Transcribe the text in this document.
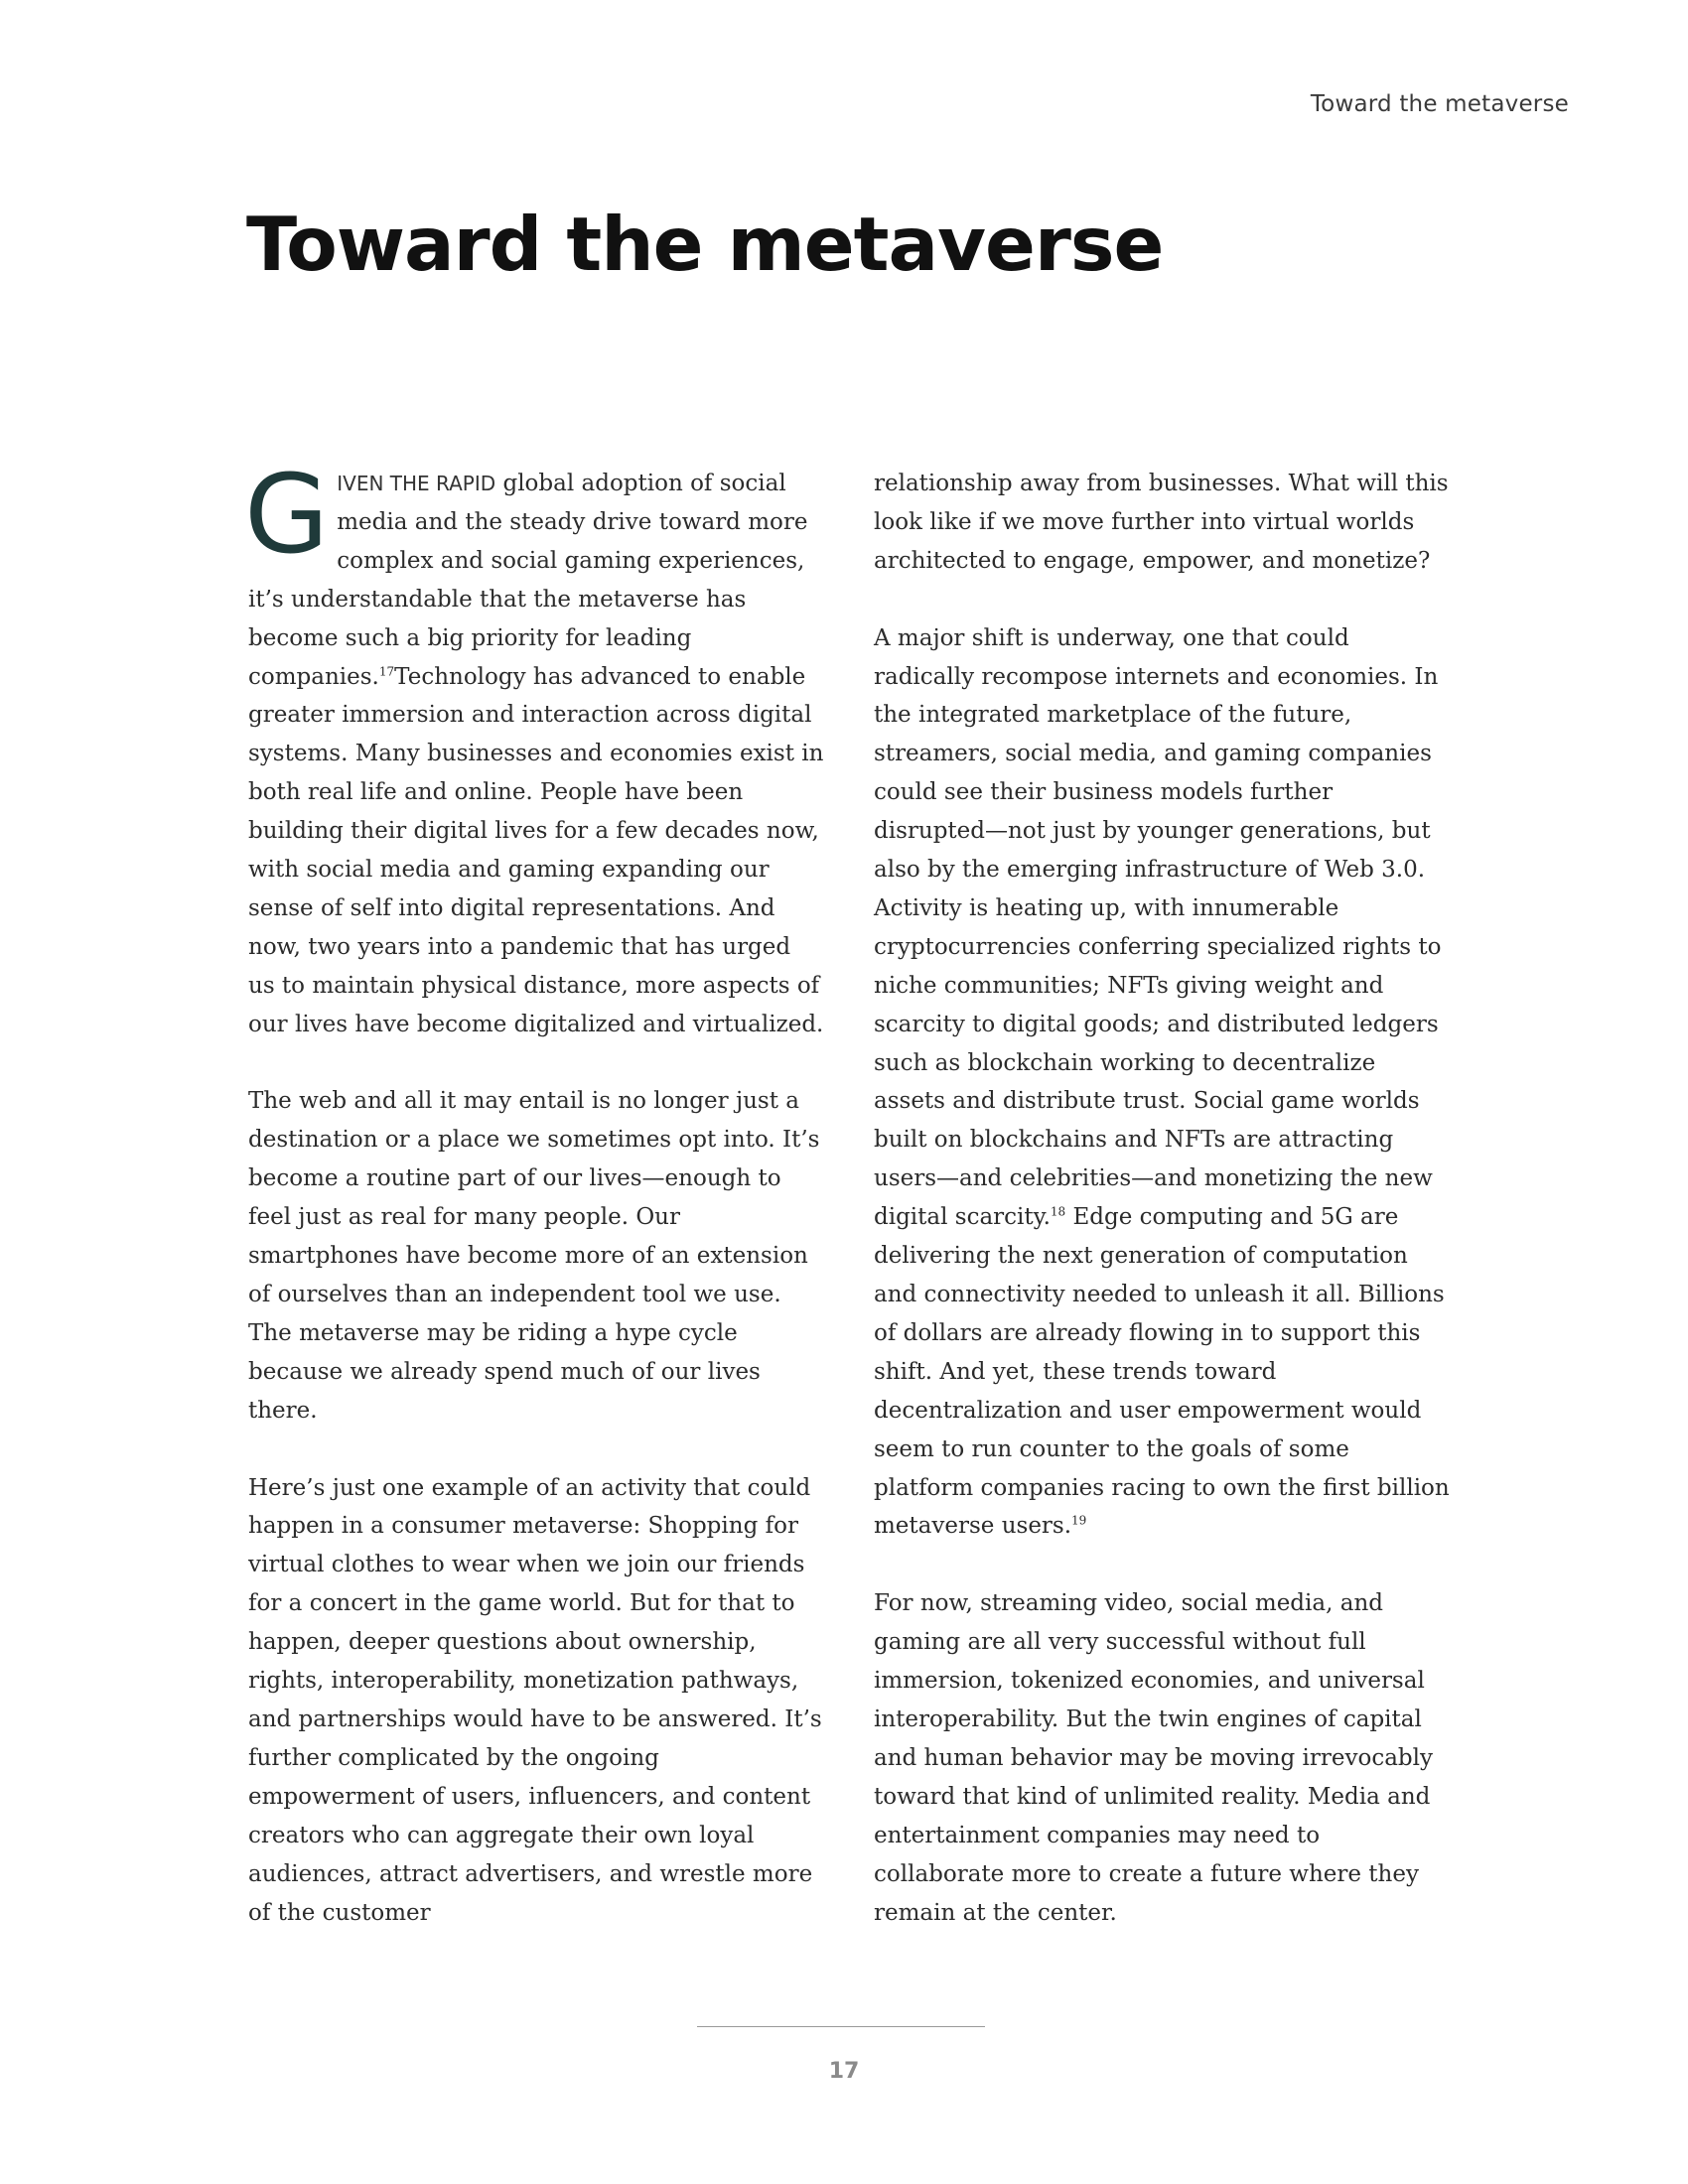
Toward the metaverse
Toward the metaverse

GIVEN THE RAPID global adoption of social media and the steady drive toward more complex and social gaming experiences, it’s understandable that the metaverse has become such a big priority for leading companies.$^{17}$Technology has advanced to enable greater immersion and interaction across digital systems. Many businesses and economies exist in both real life and online. People have been building their digital lives for a few decades now, with social media and gaming expanding our sense of self into digital representations. And now, two years into a pandemic that has urged us to maintain physical distance, more aspects of our lives have become digitalized and virtualized.

The web and all it may entail is no longer just a destination or a place we sometimes opt into. It’s become a routine part of our lives—enough to feel just as real for many people. Our smartphones have become more of an extension of ourselves than an independent tool we use. The metaverse may be riding a hype cycle because we already spend much of our lives there.

Here’s just one example of an activity that could happen in a consumer metaverse: Shopping for virtual clothes to wear when we join our friends for a concert in the game world. But for that to happen, deeper questions about ownership, rights, interoperability, monetization pathways, and partnerships would have to be answered. It’s further complicated by the ongoing empowerment of users, influencers, and content creators who can aggregate their own loyal audiences, attract advertisers, and wrestle more of the customer

relationship away from businesses. What will this look like if we move further into virtual worlds architected to engage, empower, and monetize?

A major shift is underway, one that could radically recompose internets and economies. In the integrated marketplace of the future, streamers, social media, and gaming companies could see their business models further disrupted—not just by younger generations, but also by the emerging infrastructure of Web 3.0. Activity is heating up, with innumerable cryptocurrencies conferring specialized rights to niche communities; NFTs giving weight and scarcity to digital goods; and distributed ledgers such as blockchain working to decentralize assets and distribute trust. Social game worlds built on blockchains and NFTs are attracting users—and celebrities—and monetizing the new digital scarcity.$^{18}$ Edge computing and 5G are delivering the next generation of computation and connectivity needed to unleash it all. Billions of dollars are already flowing in to support this shift. And yet, these trends toward decentralization and user empowerment would seem to run counter to the goals of some platform companies racing to own the first billion metaverse users.$^{19}$

For now, streaming video, social media, and gaming are all very successful without full immersion, tokenized economies, and universal interoperability. But the twin engines of capital and human behavior may be moving irrevocably toward that kind of unlimited reality. Media and entertainment companies may need to collaborate more to create a future where they remain at the center.

17
